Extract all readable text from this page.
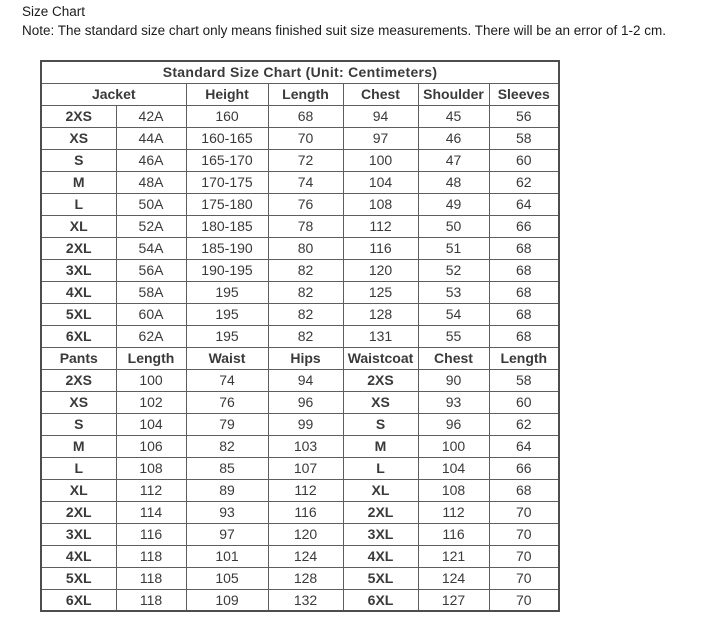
Size Chart
Note: The standard size chart only means finished suit size measurements. There will be an error of 1-2 cm.
Standard Size Chart (Unit: Centimeters)						
Jacket		Height	Length	Chest	Shoulder	Sleeves
2XS	42A	160	68	94	45	56
XS	44A	160-165	70	97	46	58
S	46A	165-170	72	100	47	60
M	48A	170-175	74	104	48	62
L	50A	175-180	76	108	49	64
XL	52A	180-185	78	112	50	66
2XL	54A	185-190	80	116	51	68
3XL	56A	190-195	82	120	52	68
4XL	58A	195	82	125	53	68
5XL	60A	195	82	128	54	68
6XL	62A	195	82	131	55	68
Pants	Length	Waist	Hips	Waistcoat	Chest	Length
2XS	100	74	94	2XS	90	58
XS	102	76	96	XS	93	60
S	104	79	99	S	96	62
M	106	82	103	M	100	64
L	108	85	107	L	104	66
XL	112	89	112	XL	108	68
2XL	114	93	116	2XL	112	70
3XL	116	97	120	3XL	116	70
4XL	118	101	124	4XL	121	70
5XL	118	105	128	5XL	124	70
6XL	118	109	132	6XL	127	70
